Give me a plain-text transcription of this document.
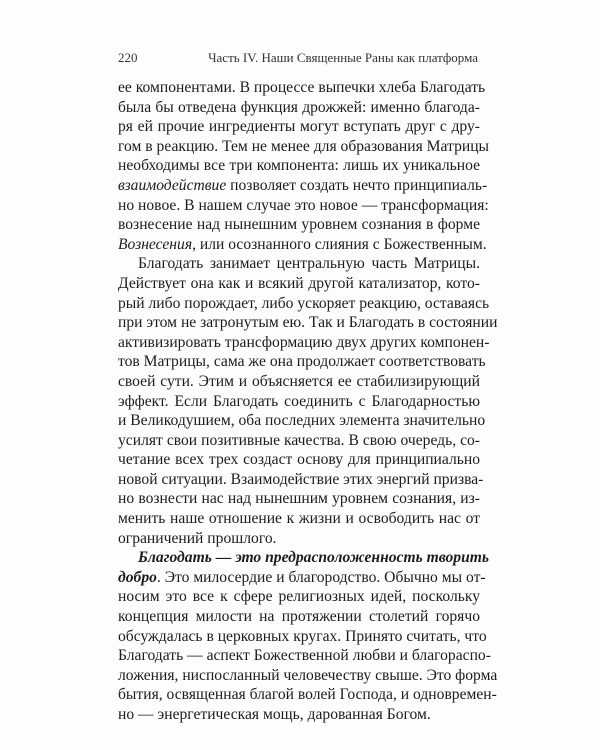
220	Часть IV. Наши Священные Раны как платформа

ее компонентами. В процессе выпечки хлеба Благодать
была бы отведена функция дрожжей: именно благода-
ря ей прочие ингредиенты могут вступать друг с дру-
гом в реакцию. Тем не менее для образования Матрицы
необходимы все три компонента: лишь их уникальное
взаимодействие позволяет создать нечто принципиаль-
но новое. В нашем случае это новое — трансформация:
вознесение над нынешним уровнем сознания в форме
Вознесения, или осознанного слияния с Божественным.

Благодать занимает центральную часть Матрицы.
Действует она как и всякий другой катализатор, кото-
рый либо порождает, либо ускоряет реакцию, оставаясь
при этом не затронутым ею. Так и Благодать в состоянии
активизировать трансформацию двух других компонен-
тов Матрицы, сама же она продолжает соответствовать
своей сути. Этим и объясняется ее стабилизирующий
эффект. Если Благодать соединить с Благодарностью
и Великодушием, оба последних элемента значительно
усилят свои позитивные качества. В свою очередь, со-
четание всех трех создаст основу для принципиально
новой ситуации. Взаимодействие этих энергий призва-
но вознести нас над нынешним уровнем сознания, из-
менить наше отношение к жизни и освободить нас от
ограничений прошлого.

Благодать — это предрасположенность творить
добро. Это милосердие и благородство. Обычно мы от-
носим это все к сфере религиозных идей, поскольку
концепция милости на протяжении столетий горячо
обсуждалась в церковных кругах. Принято считать, что
Благодать — аспект Божественной любви и благораспо-
ложения, ниспосланный человечеству свыше. Это форма
бытия, освященная благой волей Господа, и одновремен-
но — энергетическая мощь, дарованная Богом.
